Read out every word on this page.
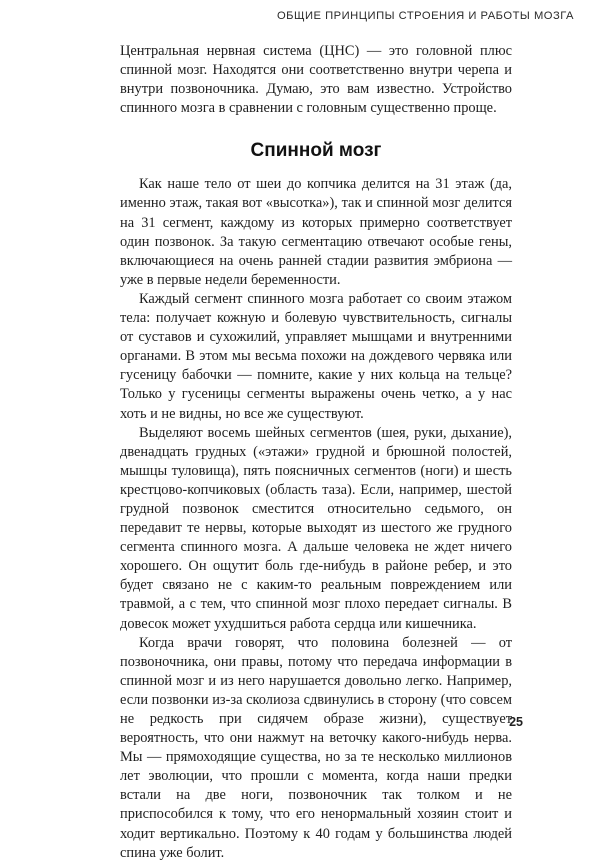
ОБЩИЕ ПРИНЦИПЫ СТРОЕНИЯ И РАБОТЫ МОЗГА

Центральная нервная система (ЦНС) — это головной плюс спинной мозг. Находятся они соответственно внутри черепа и внутри позвоночника. Думаю, это вам известно. Устройство спинного мозга в сравнении с головным существенно проще.

Спинной мозг

Как наше тело от шеи до копчика делится на 31 этаж (да, именно этаж, такая вот «высотка»), так и спинной мозг делится на 31 сегмент, каждому из которых примерно соответствует один позвонок. За такую сегментацию отвечают особые гены, включающиеся на очень ранней стадии развития эмбриона — уже в первые недели беременности.

Каждый сегмент спинного мозга работает со своим этажом тела: получает кожную и болевую чувствительность, сигналы от суставов и сухожилий, управляет мышцами и внутренними органами. В этом мы весьма похожи на дождевого червяка или гусеницу бабочки — помните, какие у них кольца на тельце? Только у гусеницы сегменты выражены очень четко, а у нас хоть и не видны, но все же существуют.

Выделяют восемь шейных сегментов (шея, руки, дыхание), двенадцать грудных («этажи» грудной и брюшной полостей, мышцы туловища), пять поясничных сегментов (ноги) и шесть крестцово-копчиковых (область таза). Если, например, шестой грудной позвонок сместится относительно седьмого, он передавит те нервы, которые выходят из шестого же грудного сегмента спинного мозга. А дальше человека не ждет ничего хорошего. Он ощутит боль где-нибудь в районе ребер, и это будет связано не с каким-то реальным повреждением или травмой, а с тем, что спинной мозг плохо передает сигналы. В довесок может ухудшиться работа сердца или кишечника.

Когда врачи говорят, что половина болезней — от позвоночника, они правы, потому что передача информации в спинной мозг и из него нарушается довольно легко. Например, если позвонки из-за сколиоза сдвинулись в сторону (что совсем не редкость при сидячем образе жизни), существует вероятность, что они нажмут на веточку какого-нибудь нерва. Мы — прямоходящие существа, но за те несколько миллионов лет эволюции, что прошли с момента, когда наши предки встали на две ноги, позвоночник так толком и не приспособился к тому, что его ненормальный хозяин стоит и ходит вертикально. Поэтому к 40 годам у большинства людей спина уже болит.

25
